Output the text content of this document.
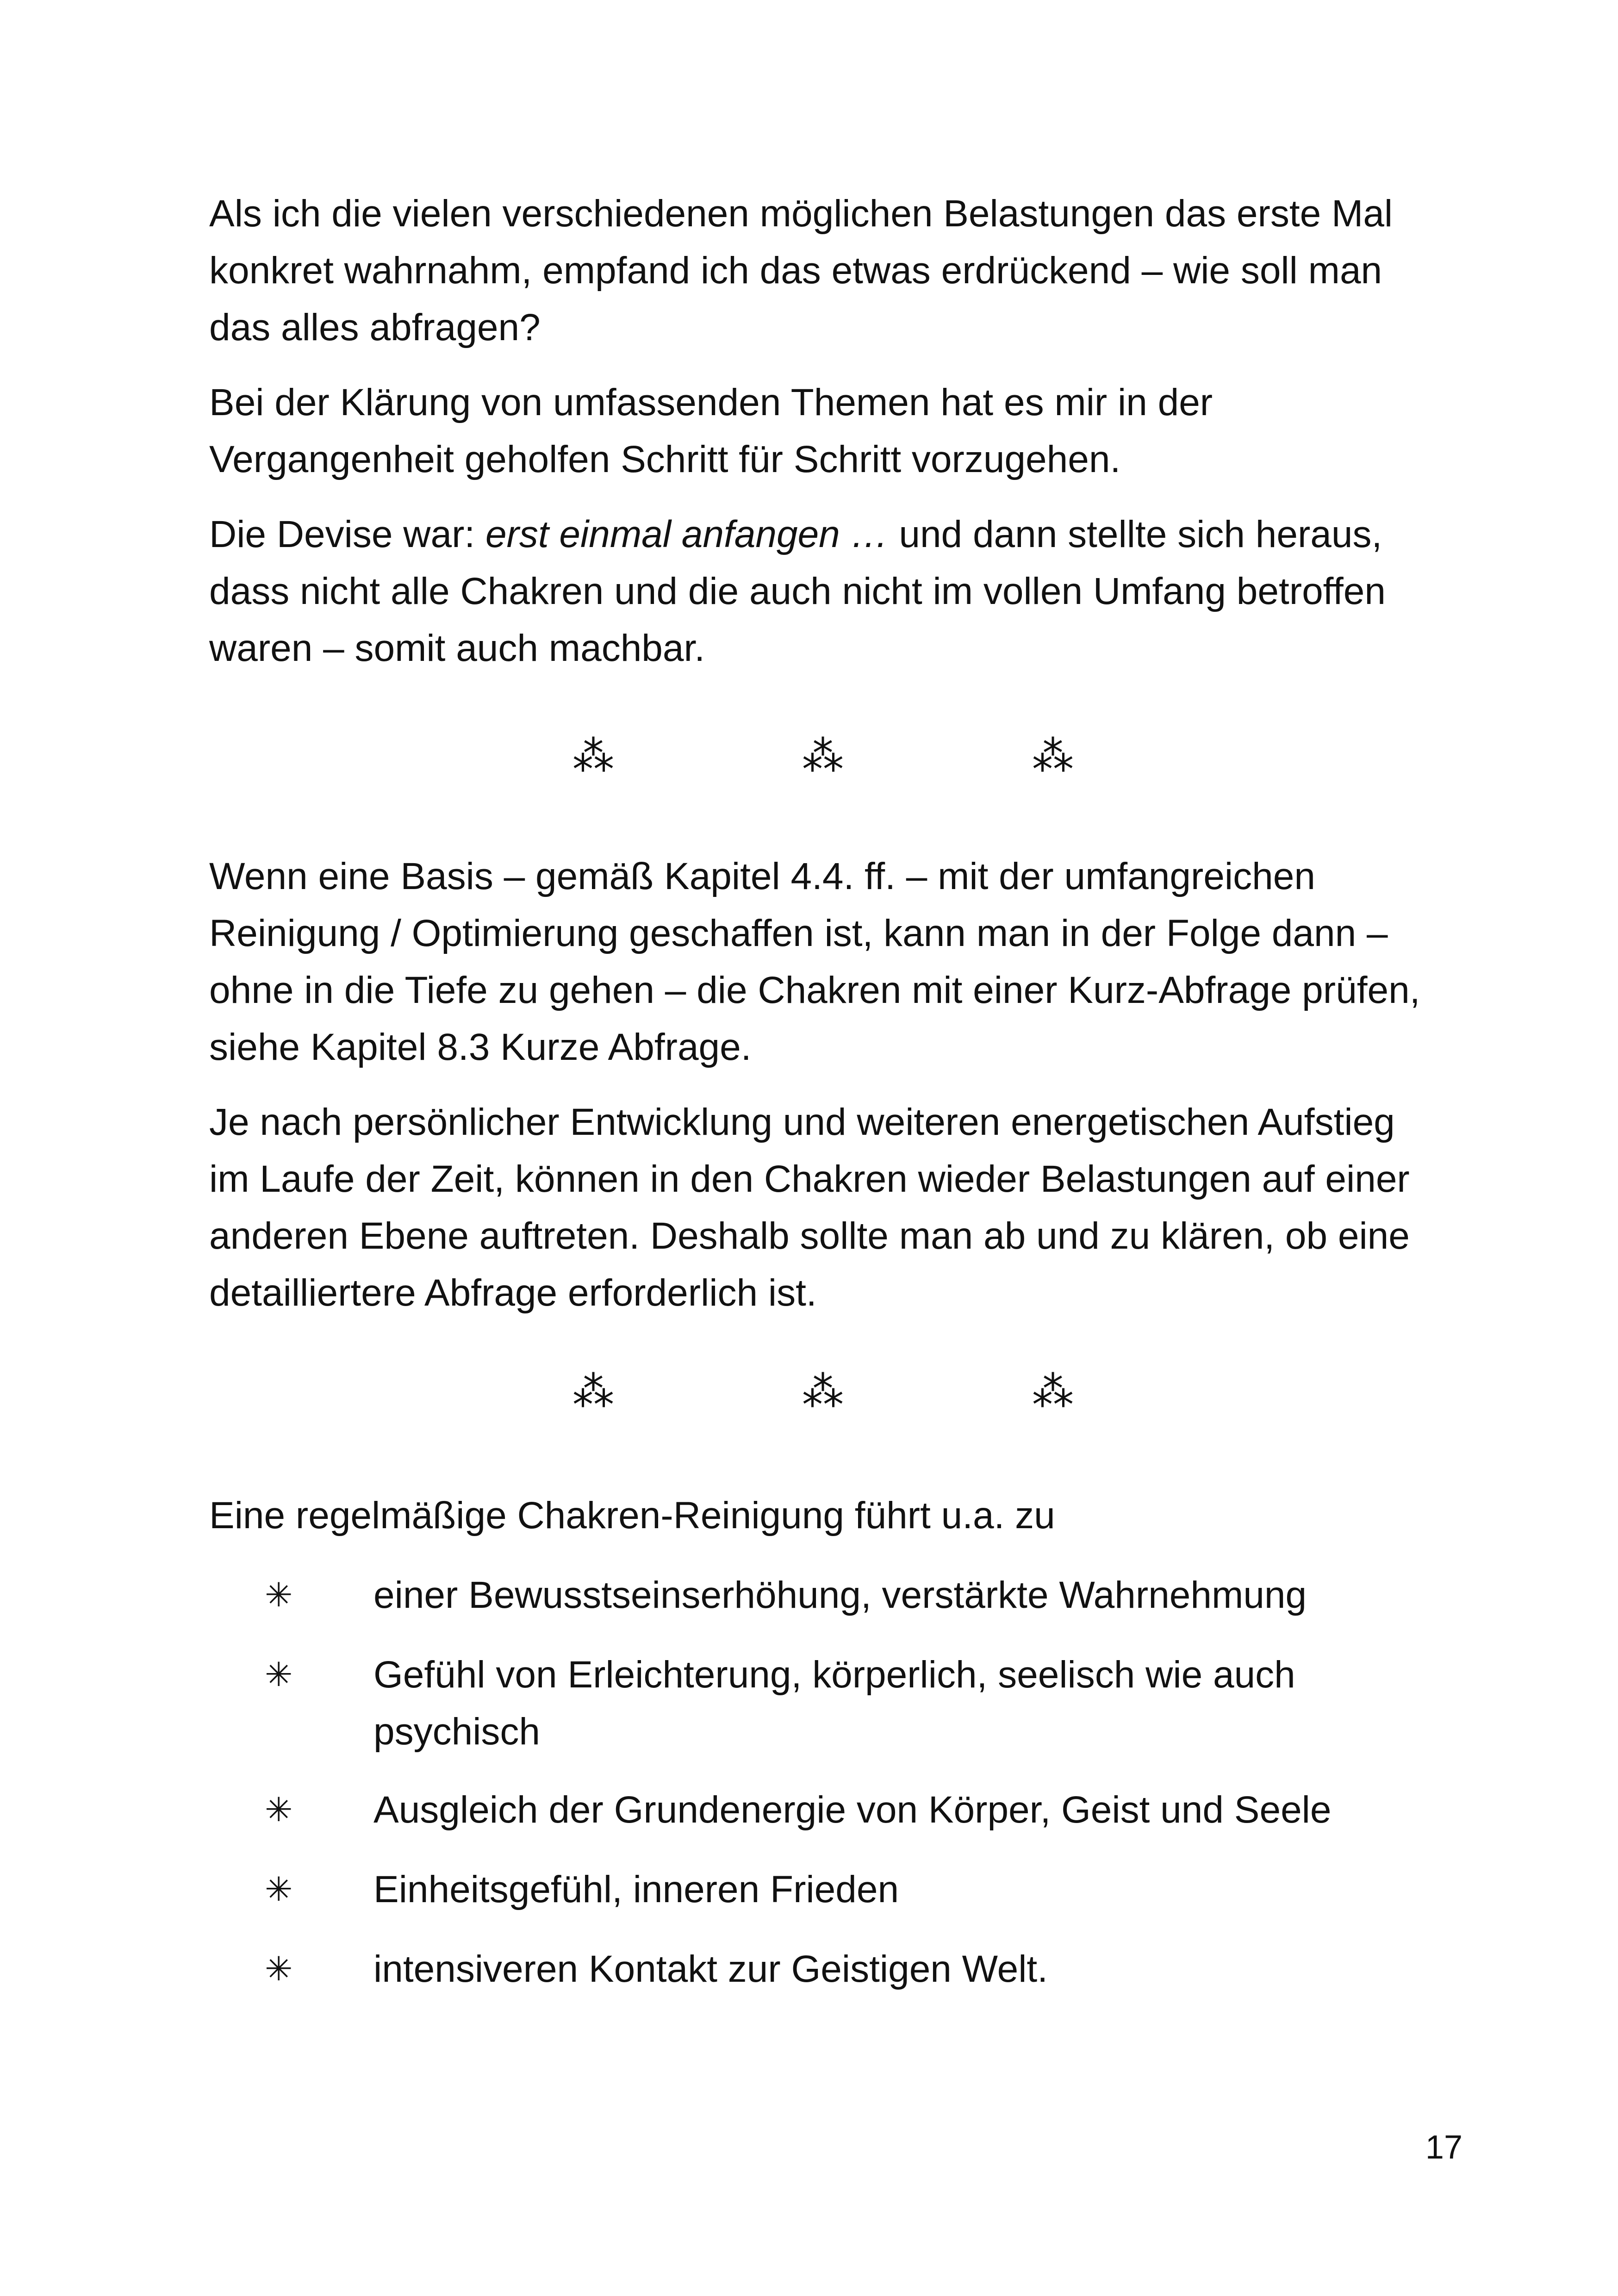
Als ich die vielen verschiedenen möglichen Belastungen das erste Mal konkret wahrnahm, empfand ich das etwas erdrückend – wie soll man das alles abfragen?

Bei der Klärung von umfassenden Themen hat es mir in der Vergangenheit geholfen Schritt für Schritt vorzugehen.

Die Devise war: erst einmal anfangen … und dann stellte sich heraus, dass nicht alle Chakren und die auch nicht im vollen Umfang betroffen waren – somit auch machbar.

⁂	⁂	⁂

Wenn eine Basis – gemäß Kapitel 4.4. ff. – mit der umfangreichen Reinigung / Optimierung geschaffen ist, kann man in der Folge dann – ohne in die Tiefe zu gehen – die Chakren mit einer Kurz-Abfrage prüfen, siehe Kapitel 8.3 Kurze Abfrage.

Je nach persönlicher Entwicklung und weiteren energetischen Aufstieg im Laufe der Zeit, können in den Chakren wieder Belastungen auf einer anderen Ebene auftreten. Deshalb sollte man ab und zu klären, ob eine detailliertere Abfrage erforderlich ist.

⁂	⁂	⁂

Eine regelmäßige Chakren-Reinigung führt u.a. zu

✳ einer Bewusstseinserhöhung, verstärkte Wahrnehmung
✳ Gefühl von Erleichterung, körperlich, seelisch wie auch psychisch
✳ Ausgleich der Grundenergie von Körper, Geist und Seele
✳ Einheitsgefühl, inneren Frieden
✳ intensiveren Kontakt zur Geistigen Welt.
17
